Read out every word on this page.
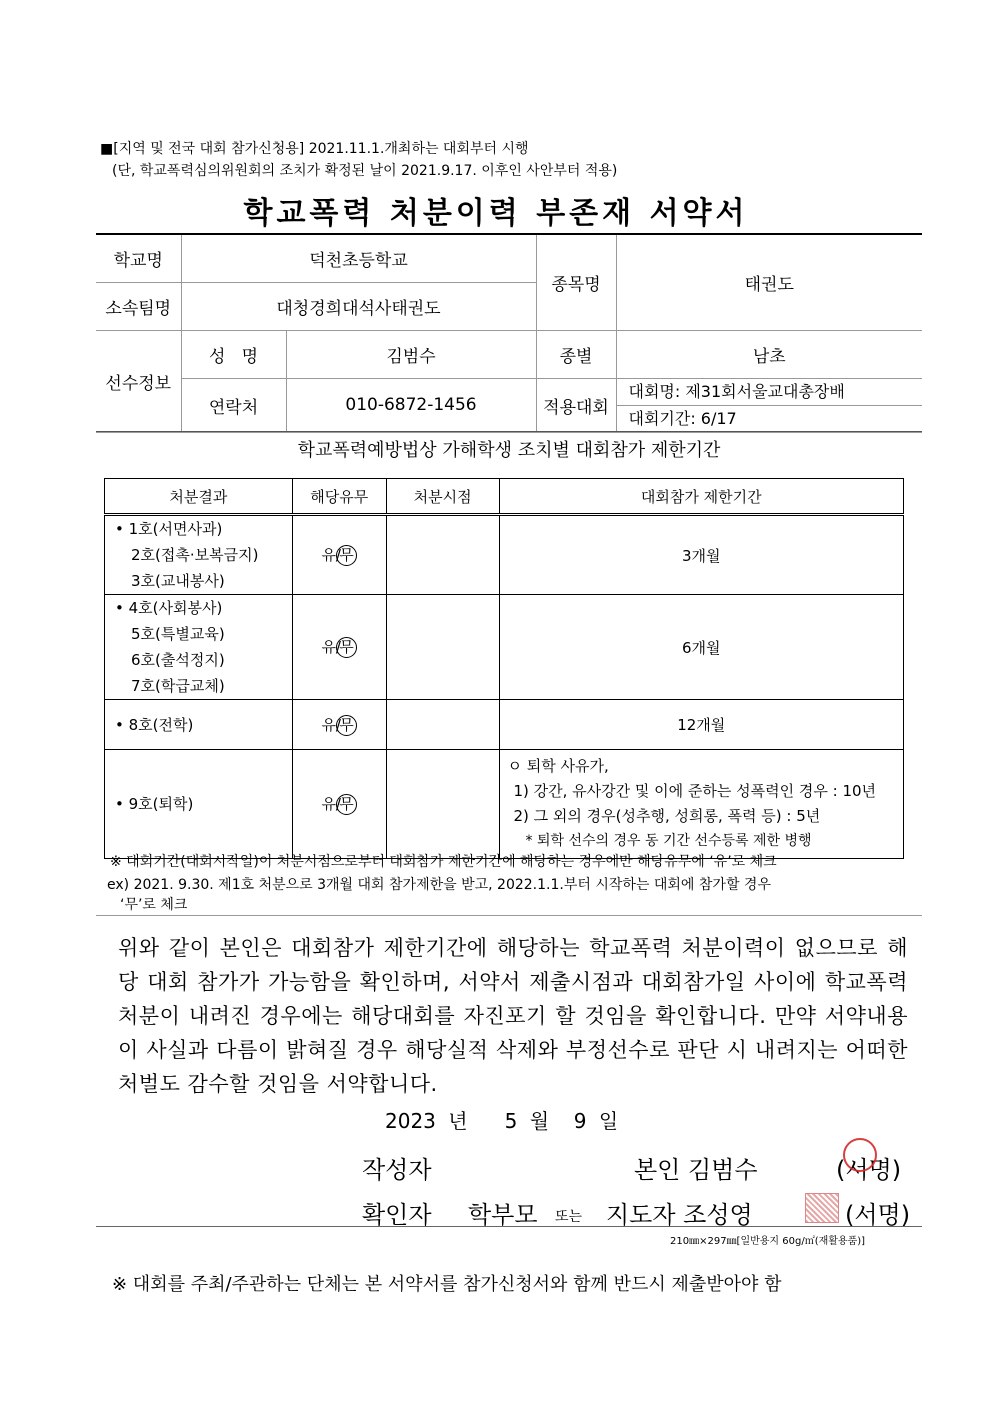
■[지역 및 전국 대회 참가신청용] 2021.11.1.개최하는 대회부터 시행
(단, 학교폭력심의위원회의 조치가 확정된 날이 2021.9.17. 이후인 사안부터 적용)
학교폭력 처분이력 부존재 서약서
학교명	덕천초등학교		종목명	태권도
소속팀명	대청경희대석사태권도			
선수정보	성   명	김범수	종별	남초
	연락처	010-6872-1456	적용대회	대회명: 제31회서울교대총장배
대회기간: 6/17
학교폭력예방법상 가해학생 조치별 대회참가 제한기간
처분결과	해당유무	처분시점	대회참가 제한기간

• 1호(서면사과)
2호(접촉·보복금지)
3호(교내봉사)	유/무		3개월

• 4호(사회봉사)
5호(특별교육)
6호(출석정지)
7호(학급교체)	유/무		6개월

• 8호(전학)	유/무		12개월

• 9호(퇴학)	유/무		ㅇ 퇴학 사유가,
1) 강간, 유사강간 및 이에 준하는 성폭력인 경우 : 10년
2) 그 외의 경우(성추행, 성희롱, 폭력 등) : 5년
* 퇴학 선수의 경우 동 기간 선수등록 제한 병행
※ 대회기간(대회시작일)이 처분시점으로부터 대회참가 제한기간에 해당하는 경우에만 해당유무에 ‘유’로 체크
ex) 2021. 9.30. 제1호 처분으로 3개월 대회 참가제한을 받고, 2022.1.1.부터 시작하는 대회에 참가할 경우
‘무’로 체크
위와 같이 본인은 대회참가 제한기간에 해당하는 학교폭력 처분이력이 없으므로 해당 대회 참가가 가능함을 확인하며, 서약서 제출시점과 대회참가일 사이에 학교폭력 처분이 내려진 경우에는 해당대회를 자진포기 할 것임을 확인합니다. 만약 서약내용이 사실과 다름이 밝혀질 경우 해당실적 삭제와 부정선수로 판단 시 내려지는 어떠한 처벌도 감수할 것임을 서약합니다.
2023 년   5 월  9 일
작성자	본인 김범수	(서명)
확인자 학부모 또는 지도자 조성영	(서명)
210㎜×297㎜[일반용지 60g/㎡(재활용품)]
※ 대회를 주최/주관하는 단체는 본 서약서를 참가신청서와 함께 반드시 제출받아야 함
